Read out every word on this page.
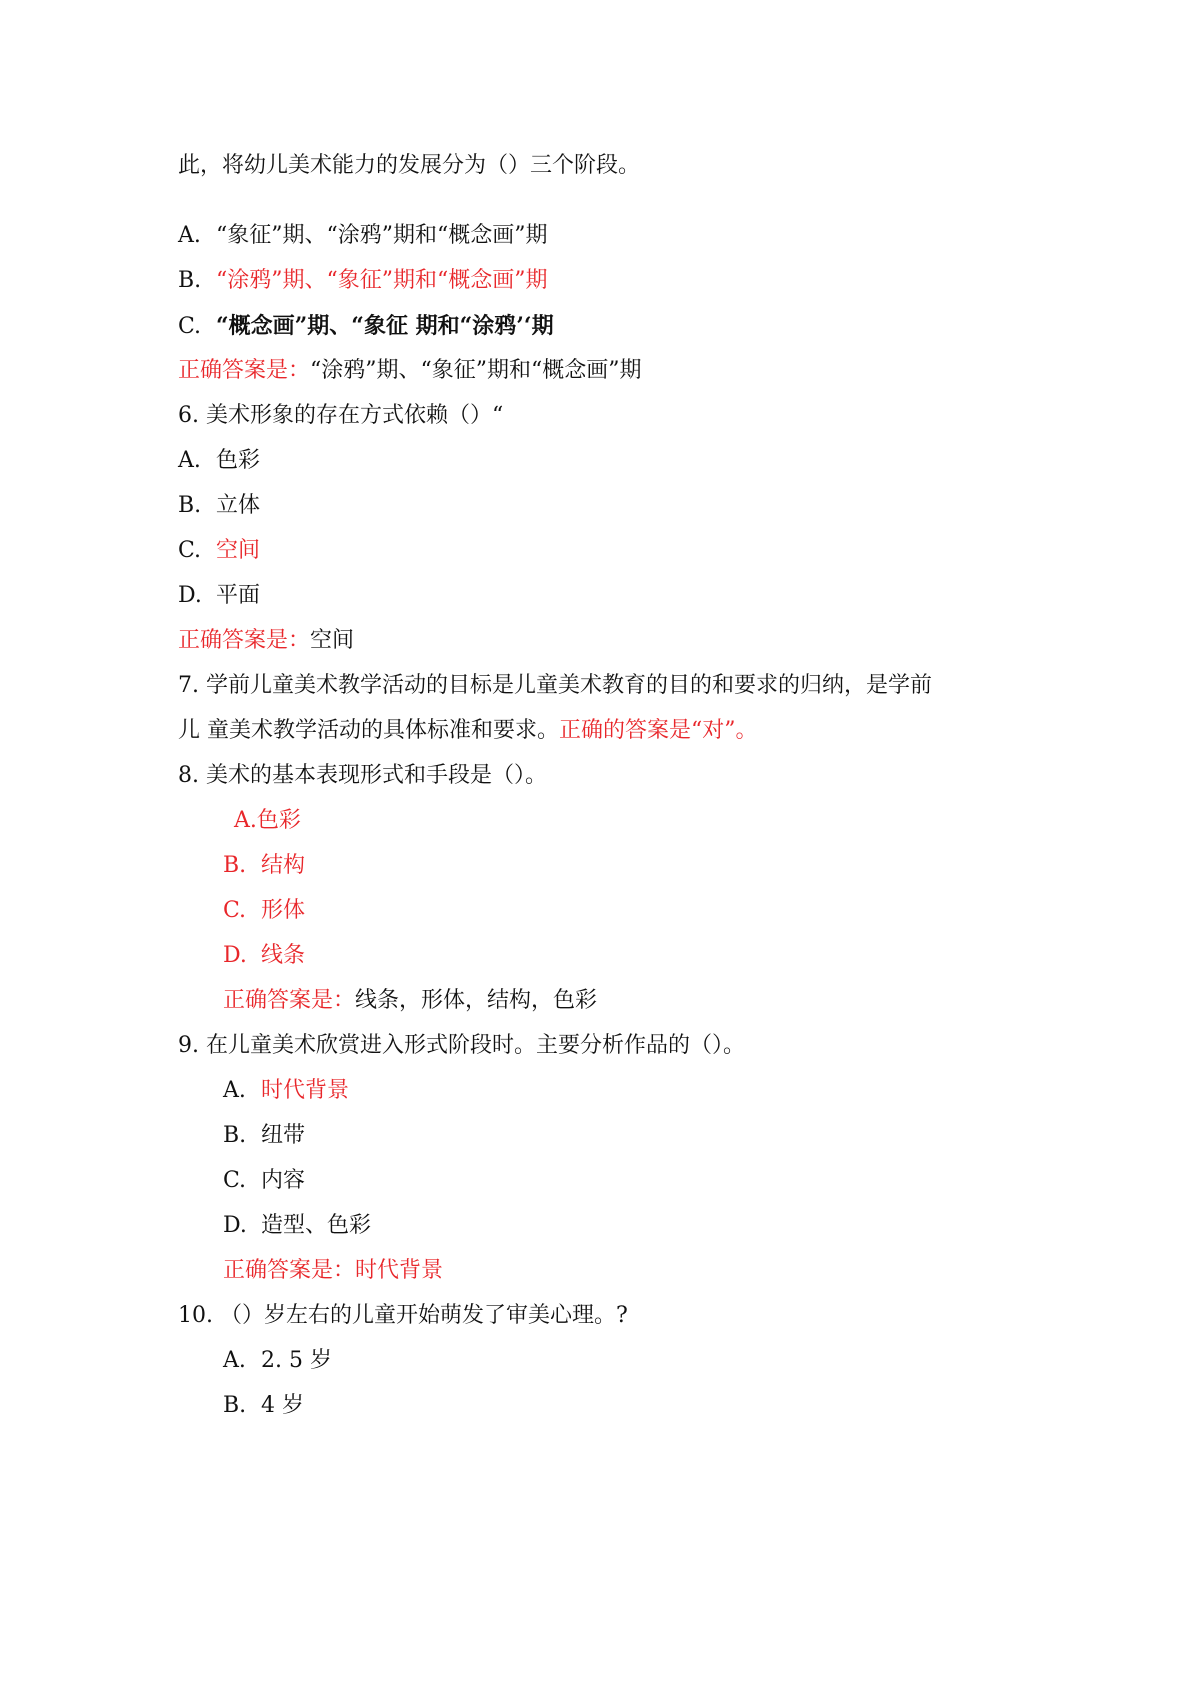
此，将幼儿美术能力的发展分为（）三个阶段。
A. “象征”期、“涂鸦”期和“概念画”期
B. “涂鸦”期、“象征”期和“概念画”期
C. “概念画”期、“象征 期和“涂鸦’‘期
正确答案是：“涂鸦”期、“象征”期和“概念画”期
6. 美术形象的存在方式依赖（）“
A. 色彩
B. 立体
C. 空间
D. 平面
正确答案是：空间
7. 学前儿童美术教学活动的目标是儿童美术教育的目的和要求的归纳，是学前
儿 童美术教学活动的具体标准和要求。正确的答案是“对”。
8. 美术的基本表现形式和手段是（）。
A.色彩
B. 结构
C. 形体
D. 线条
正确答案是：线条，形体，结构，色彩
9. 在儿童美术欣赏进入形式阶段时。主要分析作品的（）。
A. 时代背景
B. 纽带
C. 内容
D. 造型、色彩
正确答案是：时代背景
10. （）岁左右的儿童开始萌发了审美心理。?
A. 2. 5 岁
B. 4 岁
